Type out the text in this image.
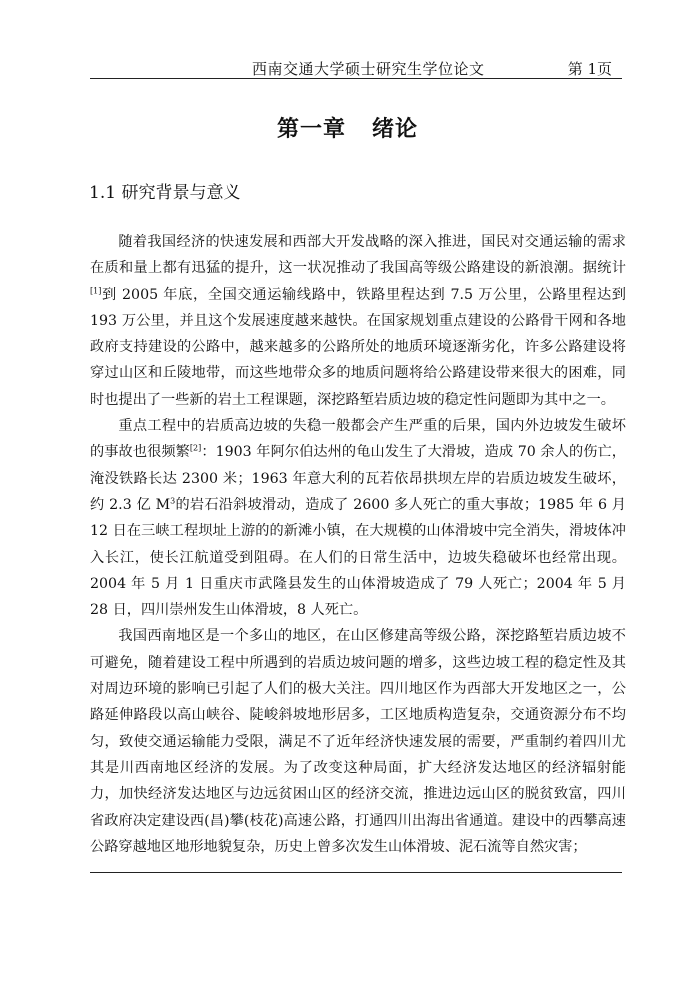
西南交通大学硕士研究生学位论文	第 1页
第一章   绪论
1.1 研究背景与意义

随着我国经济的快速发展和西部大开发战略的深入推进，国民对交通运输的需求在质和量上都有迅猛的提升，这一状况推动了我国高等级公路建设的新浪潮。据统计[1]到 2005 年底，全国交通运输线路中，铁路里程达到 7.5 万公里，公路里程达到 193 万公里，并且这个发展速度越来越快。在国家规划重点建设的公路骨干网和各地政府支持建设的公路中，越来越多的公路所处的地质环境逐渐劣化，许多公路建设将穿过山区和丘陵地带，而这些地带众多的地质问题将给公路建设带来很大的困难，同时也提出了一些新的岩土工程课题，深挖路堑岩质边坡的稳定性问题即为其中之一。

重点工程中的岩质高边坡的失稳一般都会产生严重的后果，国内外边坡发生破坏的事故也很频繁[2]：1903 年阿尔伯达州的龟山发生了大滑坡，造成 70 余人的伤亡，淹没铁路长达 2300 米；1963 年意大利的瓦若依昂拱坝左岸的岩质边坡发生破坏，约 2.3 亿 $M^3$的岩石沿斜坡滑动，造成了 2600 多人死亡的重大事故；1985 年 6 月 12 日在三峡工程坝址上游的的新滩小镇，在大规模的山体滑坡中完全消失，滑坡体冲入长江，使长江航道受到阻碍。在人们的日常生活中，边坡失稳破坏也经常出现。2004 年 5 月 1 日重庆市武隆县发生的山体滑坡造成了 79 人死亡；2004 年 5 月 28 日，四川崇州发生山体滑坡，8 人死亡。

我国西南地区是一个多山的地区，在山区修建高等级公路，深挖路堑岩质边坡不可避免，随着建设工程中所遇到的岩质边坡问题的增多，这些边坡工程的稳定性及其对周边环境的影响已引起了人们的极大关注。四川地区作为西部大开发地区之一，公路延伸路段以高山峡谷、陡峻斜坡地形居多，工区地质构造复杂，交通资源分布不均匀，致使交通运输能力受限，满足不了近年经济快速发展的需要，严重制约着四川尤其是川西南地区经济的发展。为了改变这种局面，扩大经济发达地区的经济辐射能力，加快经济发达地区与边远贫困山区的经济交流，推进边远山区的脱贫致富，四川省政府决定建设西(昌)攀(枝花)高速公路，打通四川出海出省通道。建设中的西攀高速公路穿越地区地形地貌复杂，历史上曾多次发生山体滑坡、泥石流等自然灾害；
